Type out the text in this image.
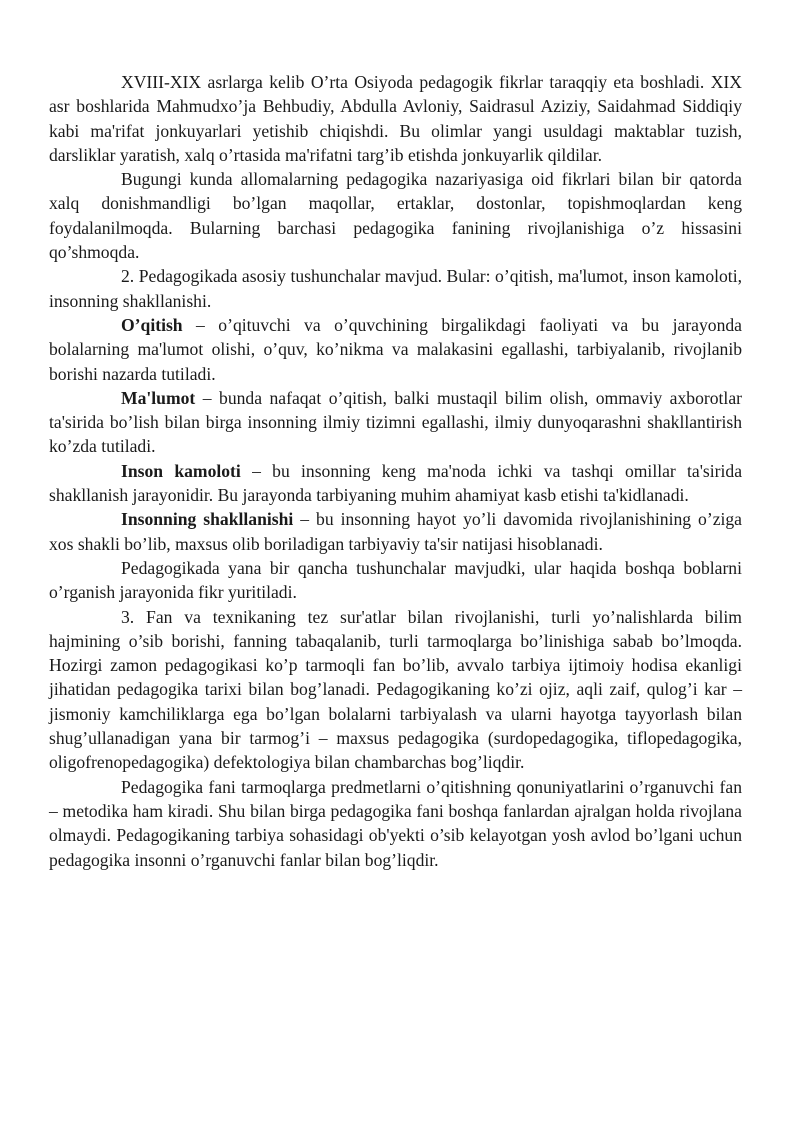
XVIII-XIX asrlarga kelib O’rta Osiyoda pedagogik fikrlar taraqqiy eta boshladi. XIX asr boshlarida Mahmudxo’ja Behbudiy, Abdulla Avloniy, Saidrasul Aziziy, Saidahmad Siddiqiy kabi ma'rifat jonkuyarlari yetishib chiqishdi. Bu olimlar yangi usuldagi maktablar tuzish, darsliklar yaratish, xalq o’rtasida ma'rifatni targ’ib etishda jonkuyarlik qildilar.

Bugungi kunda allomalarning pedagogika nazariyasiga oid fikrlari bilan bir qatorda xalq donishmandligi bo’lgan maqollar, ertaklar, dostonlar, topishmoqlardan keng foydalanilmoqda. Bularning barchasi pedagogika fanining rivojlanishiga o’z hissasini qo’shmoqda.

2. Pedagogikada asosiy tushunchalar mavjud. Bular: o’qitish, ma'lumot, inson kamoloti, insonning shakllanishi.

O’qitish – o’qituvchi va o’quvchining birgalikdagi faoliyati va bu jarayonda bolalarning ma'lumot olishi, o’quv, ko’nikma va malakasini egallashi, tarbiyalanib, rivojlanib borishi nazarda tutiladi.

Ma'lumot – bunda nafaqat o’qitish, balki mustaqil bilim olish, ommaviy axborotlar ta'sirida bo’lish bilan birga insonning ilmiy tizimni egallashi, ilmiy dunyoqarashni shakllantirish ko’zda tutiladi.

Inson kamoloti – bu insonning keng ma'noda ichki va tashqi omillar ta'sirida shakllanish jarayonidir. Bu jarayonda tarbiyaning muhim ahamiyat kasb etishi ta'kidlanadi.

Insonning shakllanishi – bu insonning hayot yo’li davomida rivojlanishining o’ziga xos shakli bo’lib, maxsus olib boriladigan tarbiyaviy ta'sir natijasi hisoblanadi.

Pedagogikada yana bir qancha tushunchalar mavjudki, ular haqida boshqa boblarni o’rganish jarayonida fikr yuritiladi.

3. Fan va texnikaning tez sur'atlar bilan rivojlanishi, turli yo’nalishlarda bilim hajmining o’sib borishi, fanning tabaqalanib, turli tarmoqlarga bo’linishiga sabab bo’lmoqda. Hozirgi zamon pedagogikasi ko’p tarmoqli fan bo’lib, avvalo tarbiya ijtimoiy hodisa ekanligi jihatidan pedagogika tarixi bilan bog’lanadi. Pedagogikaning ko’zi ojiz, aqli zaif, qulog’i kar – jismoniy kamchiliklarga ega bo’lgan bolalarni tarbiyalash va ularni hayotga tayyorlash bilan shug’ullanadigan yana bir tarmog’i – maxsus pedagogika (surdopedagogika, tiflopedagogika, oligofrenopedagogika) defektologiya bilan chambarchas bog’liqdir.

Pedagogika fani tarmoqlarga predmetlarni o’qitishning qonuniyatlarini o’rganuvchi fan – metodika ham kiradi. Shu bilan birga pedagogika fani boshqa fanlardan ajralgan holda rivojlana olmaydi. Pedagogikaning tarbiya sohasidagi ob'yekti o’sib kelayotgan yosh avlod bo’lgani uchun pedagogika insonni o’rganuvchi fanlar bilan bog’liqdir.
